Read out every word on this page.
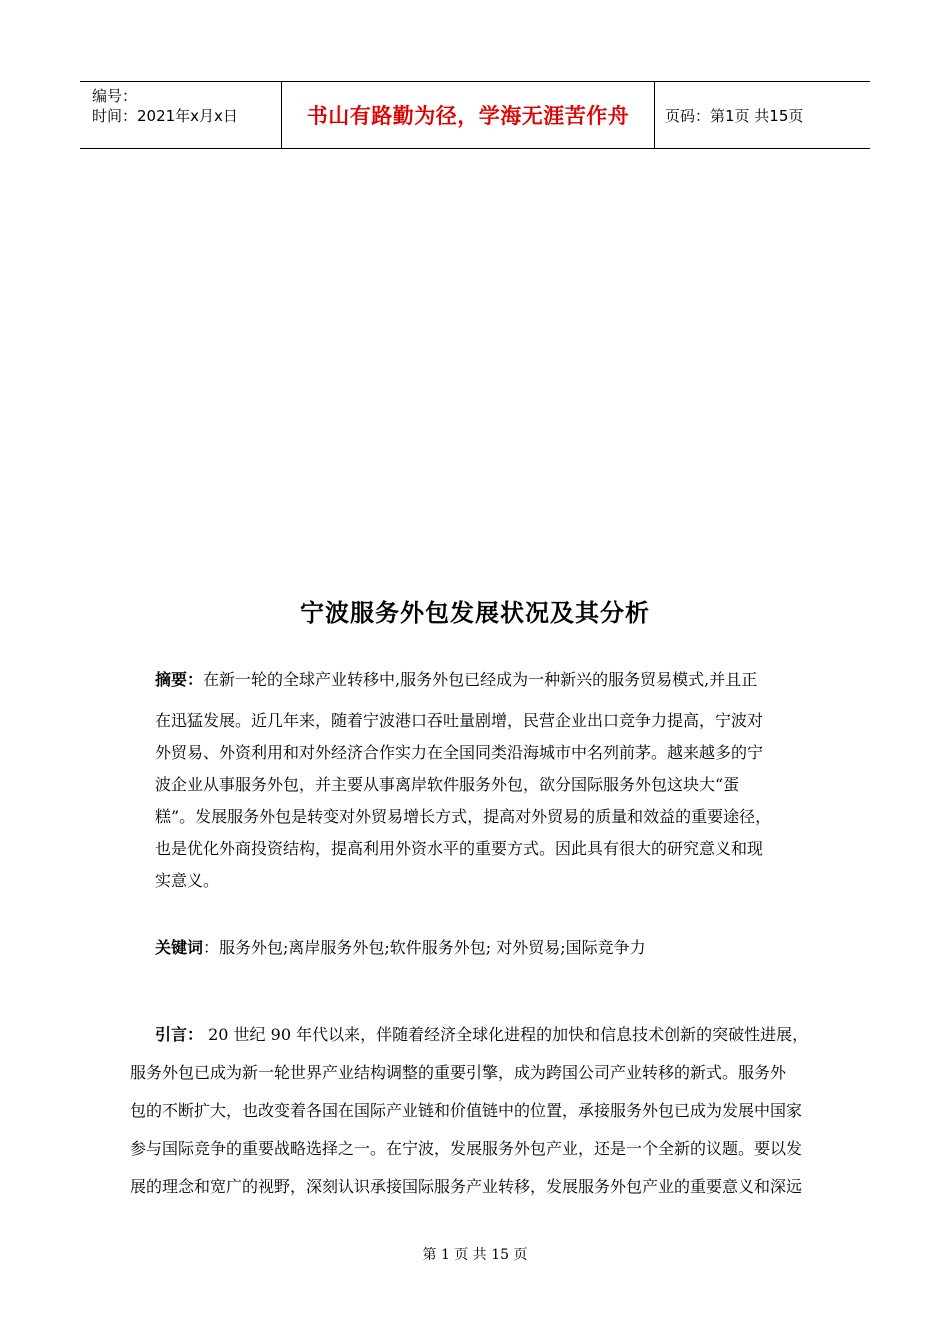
编号：
时间：2021年x月x日	书山有路勤为径，学海无涯苦作舟	页码：第1页 共15页
宁波服务外包发展状况及其分析
摘要：在新一轮的全球产业转移中,服务外包已经成为一种新兴的服务贸易模式,并且正
在迅猛发展。近几年来，随着宁波港口吞吐量剧增，民营企业出口竞争力提高，宁波对
外贸易、外资利用和对外经济合作实力在全国同类沿海城市中名列前茅。越来越多的宁
波企业从事服务外包，并主要从事离岸软件服务外包，欲分国际服务外包这块大“蛋
糕”。发展服务外包是转变对外贸易增长方式，提高对外贸易的质量和效益的重要途径，
也是优化外商投资结构，提高利用外资水平的重要方式。因此具有很大的研究意义和现
实意义。
关键词：服务外包;离岸服务外包;软件服务外包; 对外贸易;国际竞争力
引言： 20 世纪 90 年代以来，伴随着经济全球化进程的加快和信息技术创新的突破性进展，
服务外包已成为新一轮世界产业结构调整的重要引擎，成为跨国公司产业转移的新式。服务外
包的不断扩大，也改变着各国在国际产业链和价值链中的位置，承接服务外包已成为发展中国家
参与国际竞争的重要战略选择之一。在宁波，发展服务外包产业，还是一个全新的议题。要以发
展的理念和宽广的视野，深刻认识承接国际服务产业转移，发展服务外包产业的重要意义和深远
第 1 页 共 15 页
